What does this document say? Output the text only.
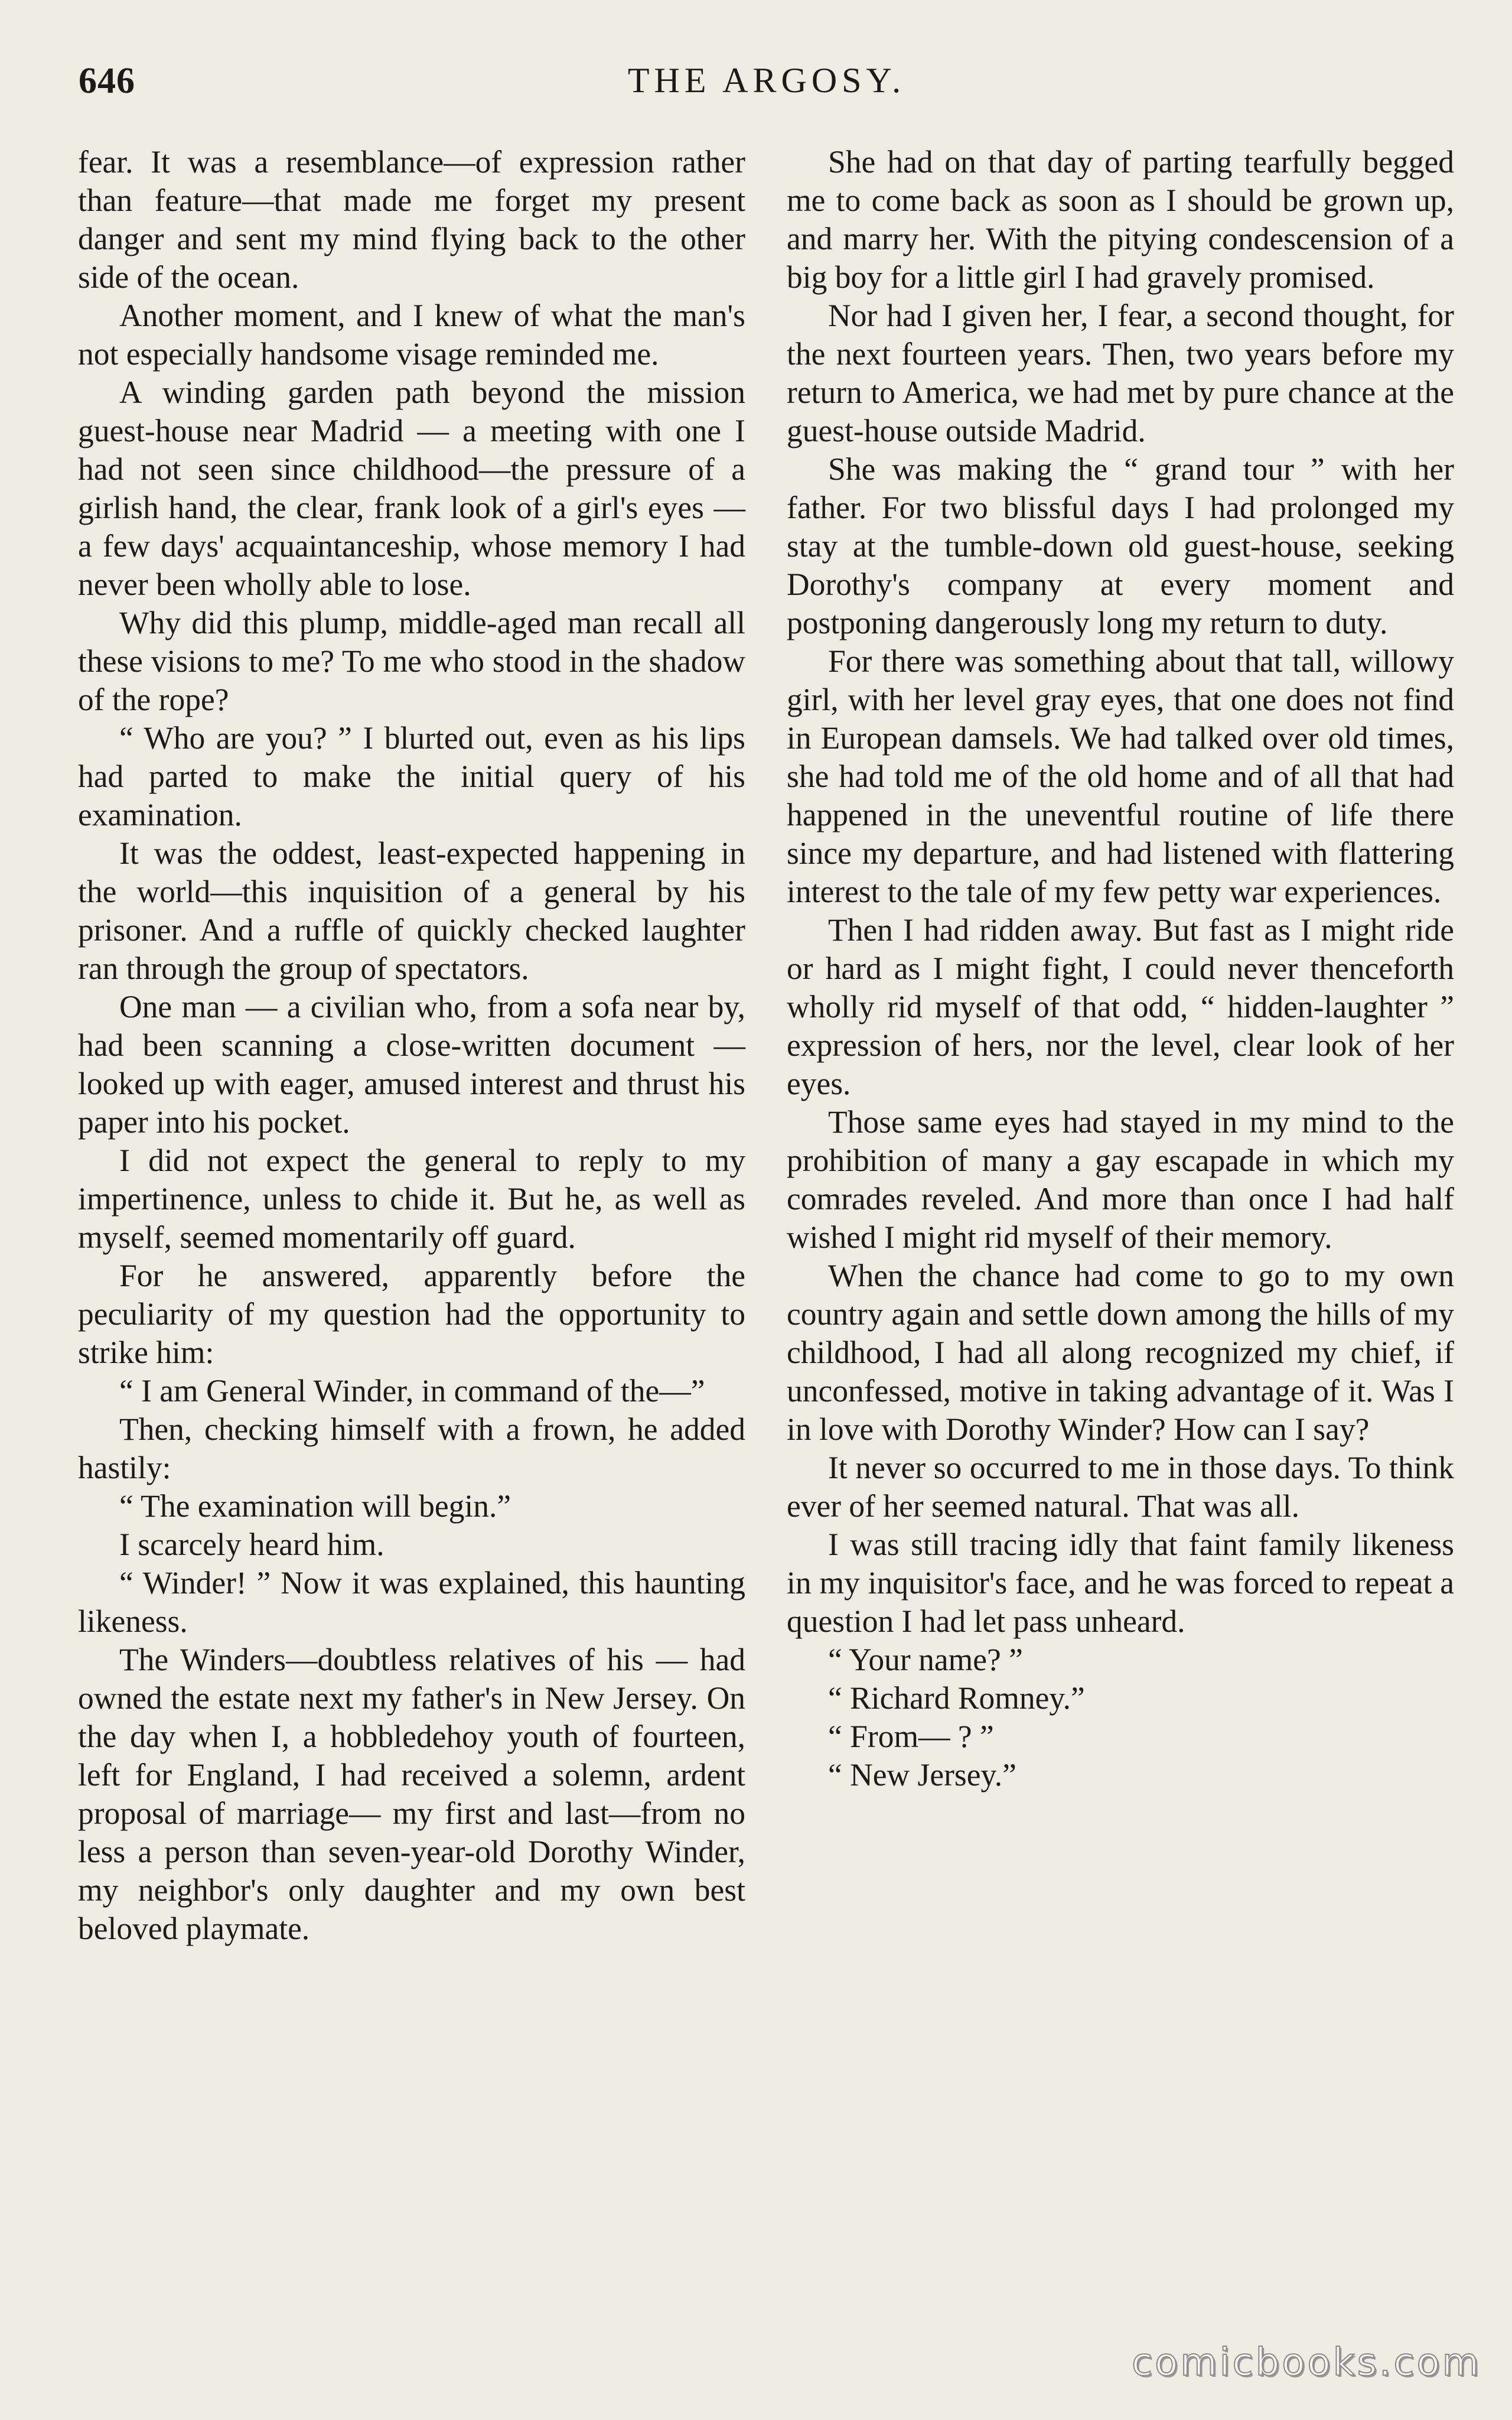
646	THE ARGOSY.

fear. It was a resemblance—of expression rather than feature—that made me forget my present danger and sent my mind flying back to the other side of the ocean.

Another moment, and I knew of what the man's not especially handsome visage reminded me.

A winding garden path beyond the mission guest-house near Madrid — a meeting with one I had not seen since childhood—the pressure of a girlish hand, the clear, frank look of a girl's eyes — a few days' acquaintanceship, whose memory I had never been wholly able to lose.

Why did this plump, middle-aged man recall all these visions to me? To me who stood in the shadow of the rope?

“ Who are you? ” I blurted out, even as his lips had parted to make the initial query of his examination.

It was the oddest, least-expected happening in the world—this inquisition of a general by his prisoner. And a ruffle of quickly checked laughter ran through the group of spectators.

One man — a civilian who, from a sofa near by, had been scanning a close-written document — looked up with eager, amused interest and thrust his paper into his pocket.

I did not expect the general to reply to my impertinence, unless to chide it. But he, as well as myself, seemed momentarily off guard.

For he answered, apparently before the peculiarity of my question had the opportunity to strike him:

“ I am General Winder, in command of the—”

Then, checking himself with a frown, he added hastily:

“ The examination will begin.”

I scarcely heard him.

“ Winder! ” Now it was explained, this haunting likeness.

The Winders—doubtless relatives of his — had owned the estate next my father's in New Jersey. On the day when I, a hobbledehoy youth of fourteen, left for England, I had received a solemn, ardent proposal of marriage— my first and last—from no less a person than seven-year-old Dorothy Winder, my neighbor's only daughter and my own best beloved playmate.

She had on that day of parting tearfully begged me to come back as soon as I should be grown up, and marry her. With the pitying condescension of a big boy for a little girl I had gravely promised.

Nor had I given her, I fear, a second thought, for the next fourteen years. Then, two years before my return to America, we had met by pure chance at the guest-house outside Madrid.

She was making the “ grand tour ” with her father. For two blissful days I had prolonged my stay at the tumble-down old guest-house, seeking Dorothy's company at every moment and postponing dangerously long my return to duty.

For there was something about that tall, willowy girl, with her level gray eyes, that one does not find in European damsels. We had talked over old times, she had told me of the old home and of all that had happened in the uneventful routine of life there since my departure, and had listened with flattering interest to the tale of my few petty war experiences.

Then I had ridden away. But fast as I might ride or hard as I might fight, I could never thenceforth wholly rid myself of that odd, “ hidden-laughter ” expression of hers, nor the level, clear look of her eyes.

Those same eyes had stayed in my mind to the prohibition of many a gay escapade in which my comrades reveled. And more than once I had half wished I might rid myself of their memory.

When the chance had come to go to my own country again and settle down among the hills of my childhood, I had all along recognized my chief, if unconfessed, motive in taking advantage of it. Was I in love with Dorothy Winder? How can I say?

It never so occurred to me in those days. To think ever of her seemed natural. That was all.

I was still tracing idly that faint family likeness in my inquisitor's face, and he was forced to repeat a question I had let pass unheard.

“ Your name? ”

“ Richard Romney.”

“ From— ? ”

“ New Jersey.”

comicbooks.com
